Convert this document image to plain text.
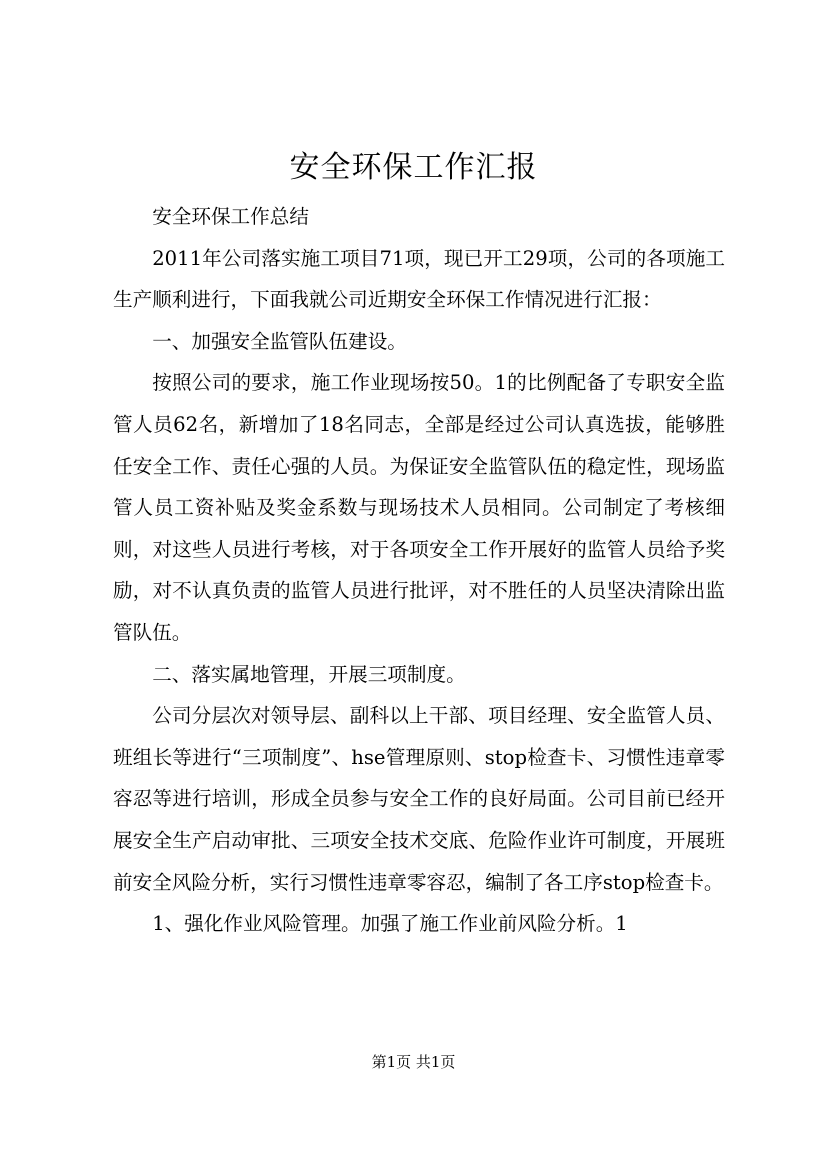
安全环保工作汇报

安全环保工作总结

2011年公司落实施工项目71项，现已开工29项，公司的各项施工生产顺利进行，下面我就公司近期安全环保工作情况进行汇报：

一、加强安全监管队伍建设。

按照公司的要求，施工作业现场按50。1的比例配备了专职安全监管人员62名，新增加了18名同志，全部是经过公司认真选拔，能够胜任安全工作、责任心强的人员。为保证安全监管队伍的稳定性，现场监管人员工资补贴及奖金系数与现场技术人员相同。公司制定了考核细则，对这些人员进行考核，对于各项安全工作开展好的监管人员给予奖励，对不认真负责的监管人员进行批评，对不胜任的人员坚决清除出监管队伍。

二、落实属地管理，开展三项制度。

公司分层次对领导层、副科以上干部、项目经理、安全监管人员、班组长等进行“三项制度”、hse管理原则、stop检查卡、习惯性违章零容忍等进行培训，形成全员参与安全工作的良好局面。公司目前已经开展安全生产启动审批、三项安全技术交底、危险作业许可制度，开展班前安全风险分析，实行习惯性违章零容忍，编制了各工序stop检查卡。

1、强化作业风险管理。加强了施工作业前风险分析。1

第1页 共1页
